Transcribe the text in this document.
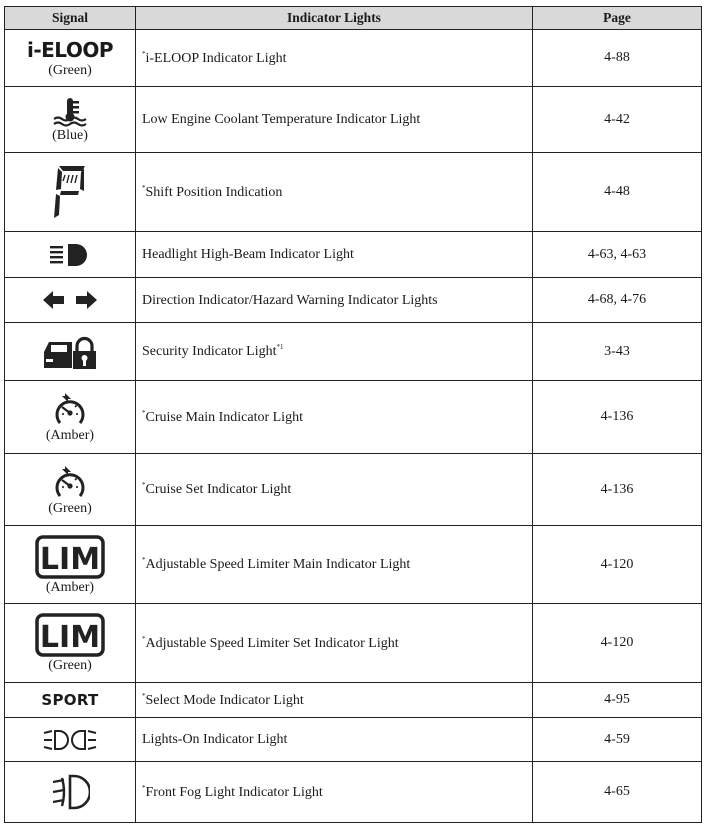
Signal	Indicator Lights	Page
i-ELOOP
(Green)	*i-ELOOP Indicator Light	4-88

(Blue)	Low Engine Coolant Temperature Indicator Light	4-42

	*Shift Position Indication	4-48

	Headlight High-Beam Indicator Light	4-63, 4-63

	Direction Indicator/Hazard Warning Indicator Lights	4-68, 4-76

	Security Indicator Light$^{*1}$	3-43

(Amber)	*Cruise Main Indicator Light	4-136

(Green)	*Cruise Set Indicator Light	4-136

LIM
(Amber)	*Adjustable Speed Limiter Main Indicator Light	4-120

LIM
(Green)	*Adjustable Speed Limiter Set Indicator Light	4-120
SPORT	*Select Mode Indicator Light	4-95

	Lights-On Indicator Light	4-59

	*Front Fog Light Indicator Light	4-65
